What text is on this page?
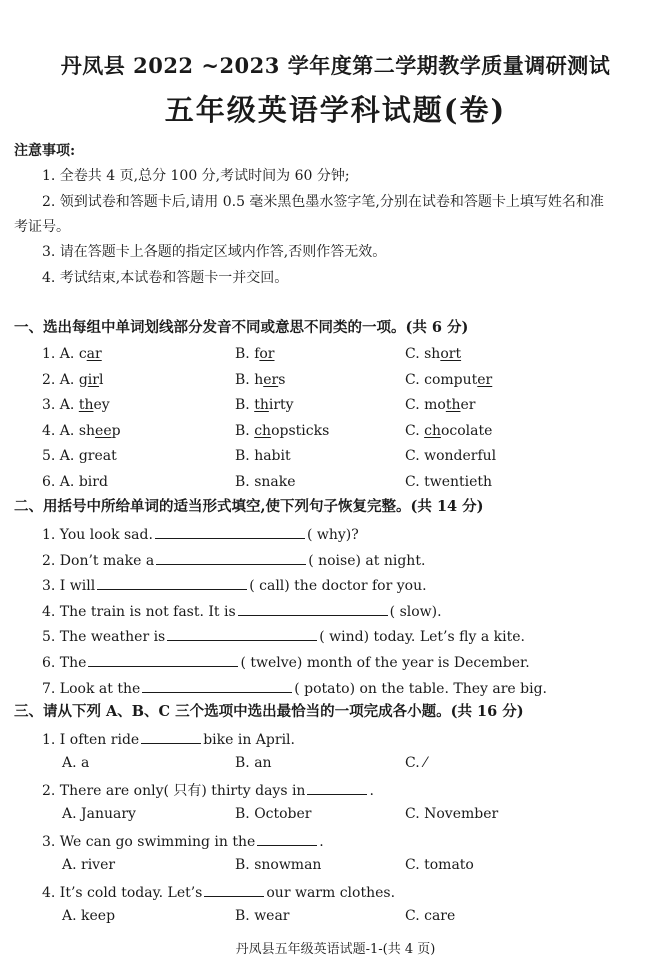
丹凤县 2022 ~2023 学年度第二学期教学质量调研测试
五年级英语学科试题(卷)
注意事项:
1. 全卷共 4 页,总分 100 分,考试时间为 60 分钟;
2. 领到试卷和答题卡后,请用 0.5 毫米黑色墨水签字笔,分别在试卷和答题卡上填写姓名和准
考证号。
3. 请在答题卡上各题的指定区域内作答,否则作答无效。
4. 考试结束,本试卷和答题卡一并交回。
一、选出每组中单词划线部分发音不同或意思不同类的一项。(共 6 分)
1. A. car	B. for	C. short
2. A. girl	B. hers	C. computer
3. A. they	B. thirty	C. mother
4. A. sheep	B. chopsticks	C. chocolate
5. A. great	B. habit	C. wonderful
6. A. bird	B. snake	C. twentieth
二、用括号中所给单词的适当形式填空,使下列句子恢复完整。(共 14 分)
1. You look sad.	( why)?
2. Don’t make a	( noise) at night.
3. I will	( call) the doctor for you.
4. The train is not fast. It is	( slow).
5. The weather is	( wind) today. Let’s fly a kite.
6. The	( twelve) month of the year is December.
7. Look at the	( potato) on the table. They are big.
三、请从下列 A、B、C 三个选项中选出最恰当的一项完成各小题。(共 16 分)
1. I often ride	bike in April.
A. a	B. an	C. ⁄
2. There are only( 只有) thirty days in	.
A. January	B. October	C. November
3. We can go swimming in the	.
A. river	B. snowman	C. tomato
4. It’s cold today. Let’s	our warm clothes.
A. keep	B. wear	C. care
丹凤县五年级英语试题-1-(共 4 页)
